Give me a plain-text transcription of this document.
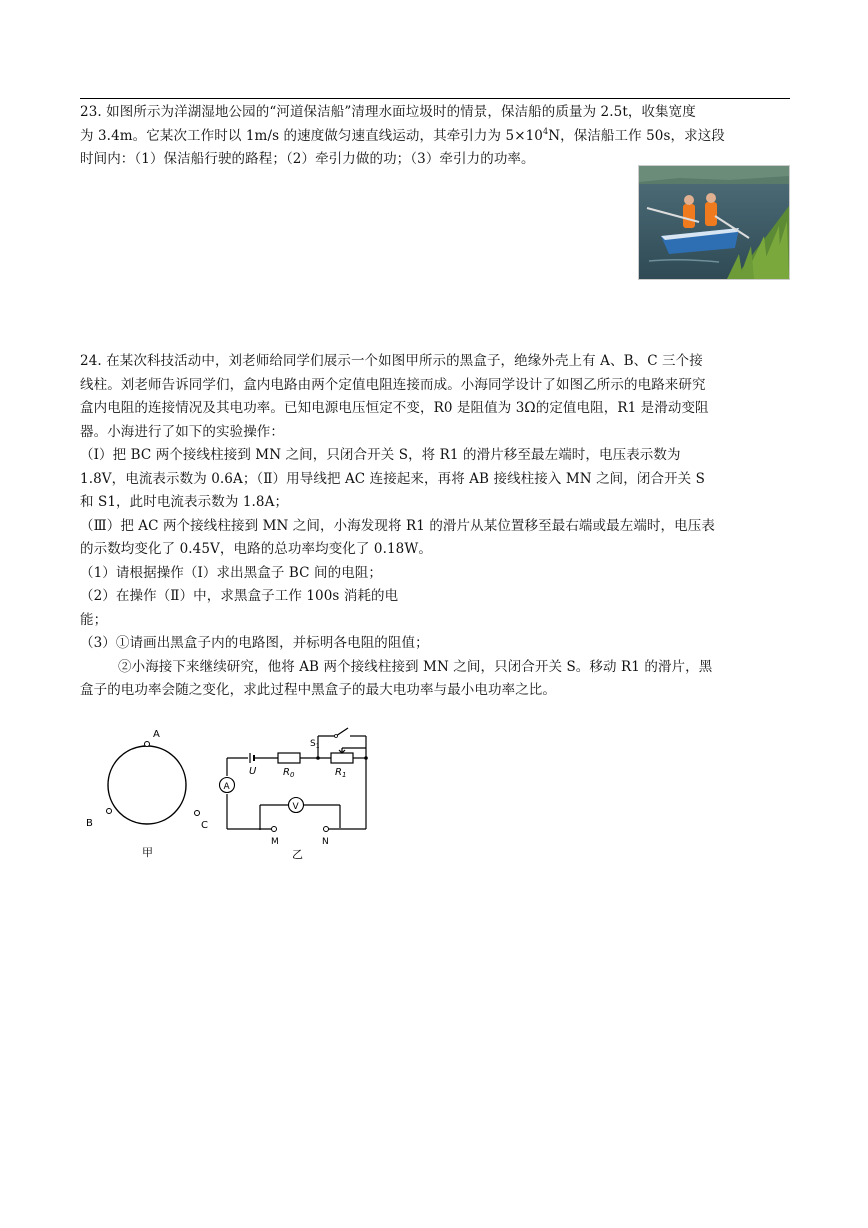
23. 如图所示为洋湖湿地公园的“河道保洁船”清理水面垃圾时的情景，保洁船的质量为 2.5t，收集宽度
为 3.4m。它某次工作时以 1m/s 的速度做匀速直线运动，其牵引力为 $5\times 10^4N$，保洁船工作 50s，求这段
时间内：（1）保洁船行驶的路程；（2）牵引力做的功；（3）牵引力的功率。
24. 在某次科技活动中，刘老师给同学们展示一个如图甲所示的黑盒子，绝缘外壳上有 A、B、C 三个接
线柱。刘老师告诉同学们，盒内电路由两个定值电阻连接而成。小海同学设计了如图乙所示的电路来研究
盒内电阻的连接情况及其电功率。已知电源电压恒定不变，R0 是阻值为 3Ω的定值电阻，R1 是滑动变阻
器。小海进行了如下的实验操作：
（Ⅰ）把 BC 两个接线柱接到 MN 之间，只闭合开关 S，将 R1 的滑片移至最左端时，电压表示数为
1.8V，电流表示数为 0.6A；（Ⅱ）用导线把 AC 连接起来，再将 AB 接线柱接入 MN 之间，闭合开关 S
和 S1，此时电流表示数为 1.8A；
（Ⅲ）把 AC 两个接线柱接到 MN 之间，小海发现将 R1 的滑片从某位置移至最右端或最左端时，电压表
的示数均变化了 0.45V，电路的总功率均变化了 0.18W。
（1）请根据操作（Ⅰ）求出黑盒子 BC 间的电阻；
（2）在操作（Ⅱ）中，求黑盒子工作 100s 消耗的电
能；
（3）①请画出黑盒子内的电路图，并标明各电阻的阻值；
②小海接下来继续研究，他将 AB 两个接线柱接到 MN 之间，只闭合开关 S。移动 R1 的滑片，黑
盒子的电功率会随之变化，求此过程中黑盒子的最大电功率与最小电功率之比。
A
B	C
甲
A
V
U	$R_0$	$R_1$
$S_1$
M	N
乙
